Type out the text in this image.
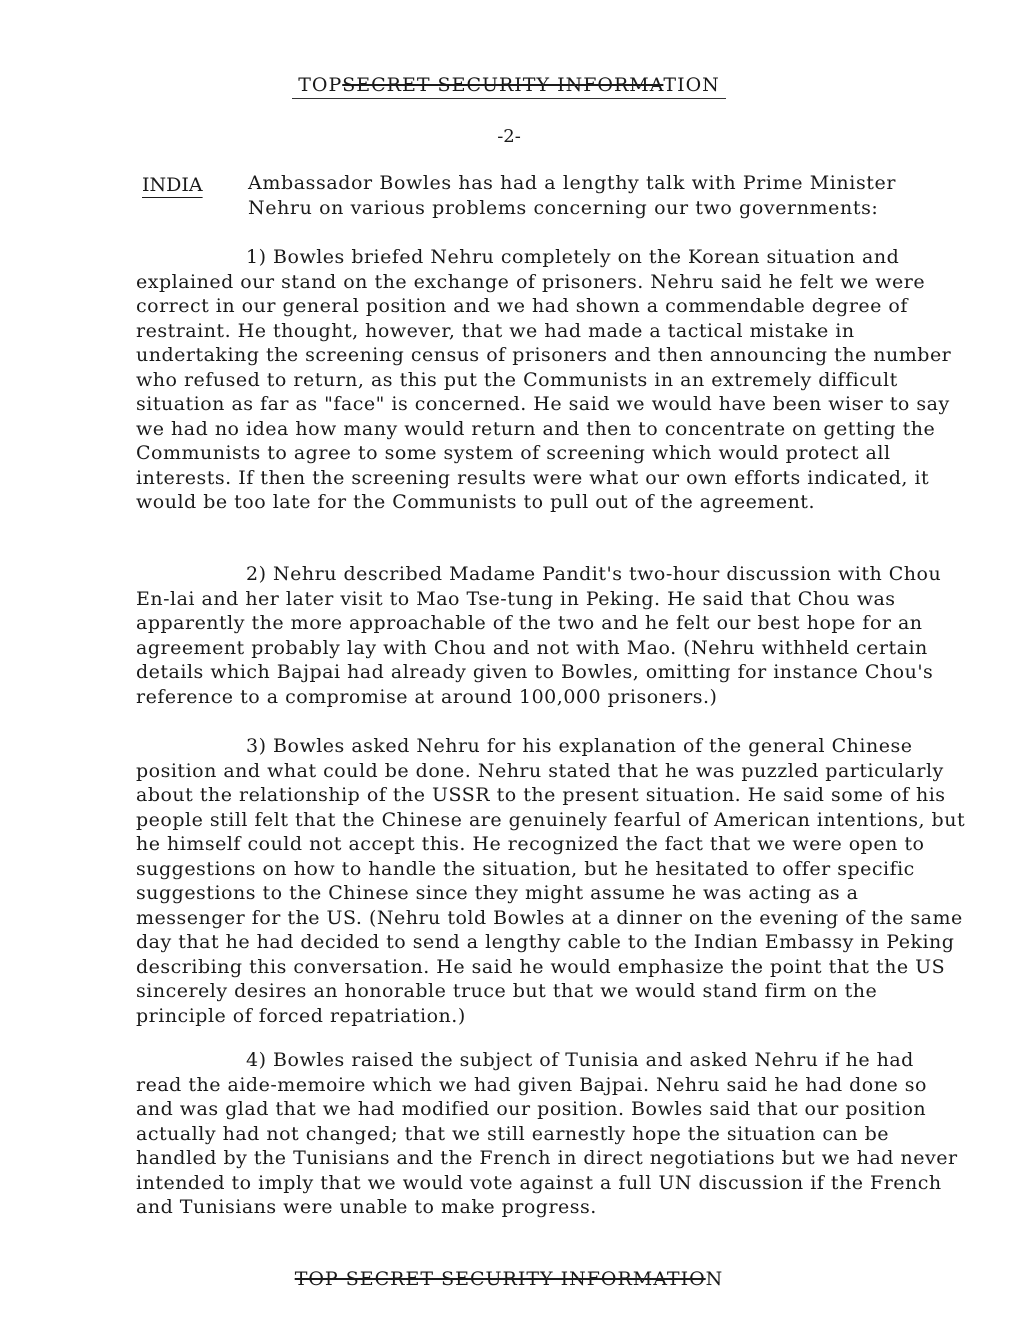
TOPSECRET SECURITY INFORMATION
-2-
INDIA Ambassador Bowles has had a lengthy talk with Prime Minister Nehru on various problems concerning our two governments:
1) Bowles briefed Nehru completely on the Korean situation and explained our stand on the exchange of prisoners. Nehru said he felt we were correct in our general position and we had shown a commendable degree of restraint. He thought, however, that we had made a tactical mistake in undertaking the screening census of prisoners and then announcing the number who refused to return, as this put the Communists in an extremely difficult situation as far as "face" is concerned. He said we would have been wiser to say we had no idea how many would return and then to concentrate on getting the Communists to agree to some system of screening which would protect all interests. If then the screening results were what our own efforts indicated, it would be too late for the Communists to pull out of the agreement.
2) Nehru described Madame Pandit's two-hour discussion with Chou En-lai and her later visit to Mao Tse-tung in Peking. He said that Chou was apparently the more approachable of the two and he felt our best hope for an agreement probably lay with Chou and not with Mao. (Nehru withheld certain details which Bajpai had already given to Bowles, omitting for instance Chou's reference to a compromise at around 100,000 prisoners.)
3) Bowles asked Nehru for his explanation of the general Chinese position and what could be done. Nehru stated that he was puzzled particularly about the relationship of the USSR to the present situation. He said some of his people still felt that the Chinese are genuinely fearful of American intentions, but he himself could not accept this. He recognized the fact that we were open to suggestions on how to handle the situation, but he hesitated to offer specific suggestions to the Chinese since they might assume he was acting as a messenger for the US. (Nehru told Bowles at a dinner on the evening of the same day that he had decided to send a lengthy cable to the Indian Embassy in Peking describing this conversation. He said he would emphasize the point that the US sincerely desires an honorable truce but that we would stand firm on the principle of forced repatriation.)
4) Bowles raised the subject of Tunisia and asked Nehru if he had read the aide-memoire which we had given Bajpai. Nehru said he had done so and was glad that we had modified our position. Bowles said that our position actually had not changed; that we still earnestly hope the situation can be handled by the Tunisians and the French in direct negotiations but we had never intended to imply that we would vote against a full UN discussion if the French and Tunisians were unable to make progress.
TOP SECRET SECURITY INFORMATION
